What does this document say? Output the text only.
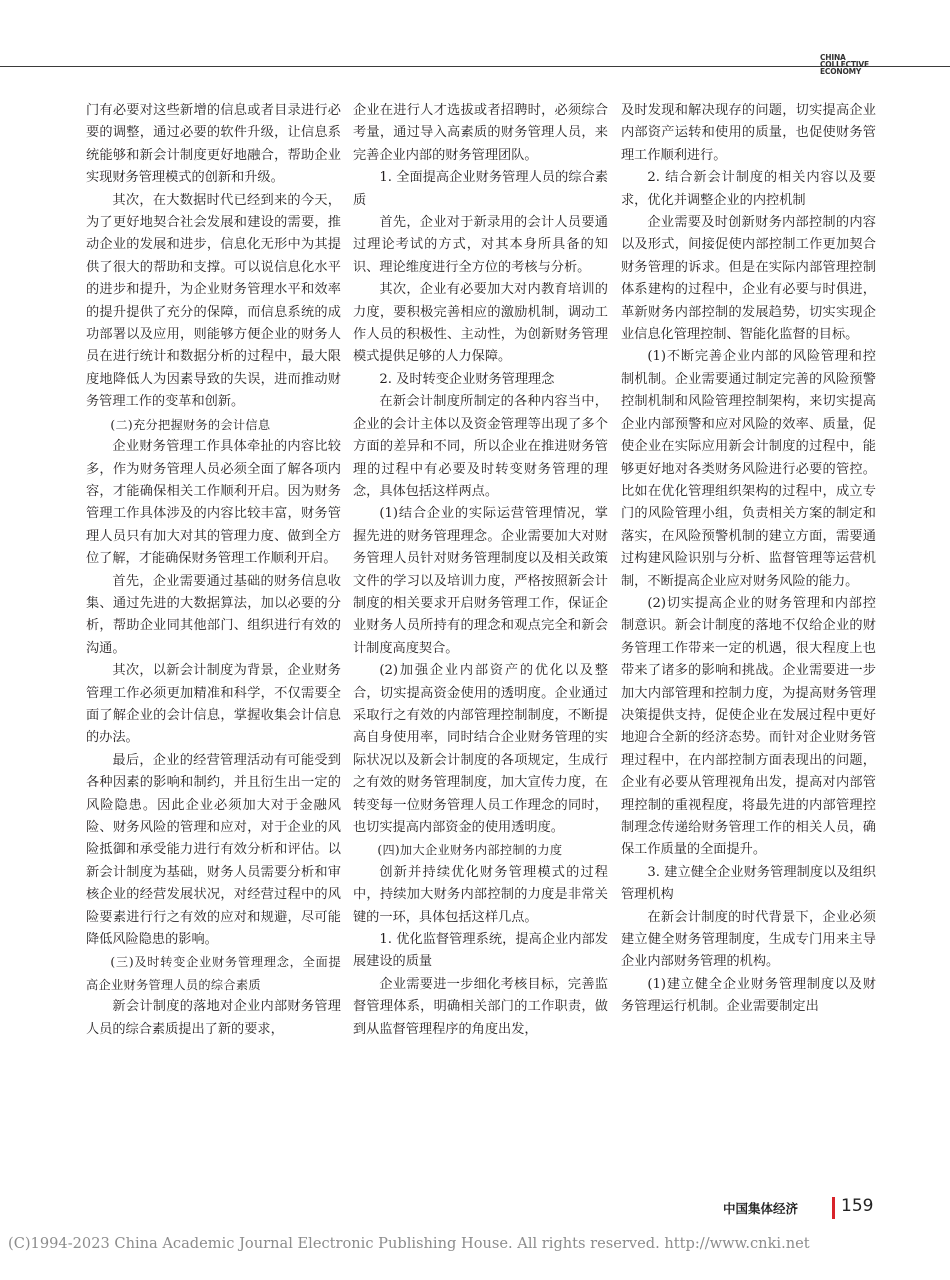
CHINA
COLLECTIVE
ECONOMY

门有必要对这些新增的信息或者目录进行必要的调整，通过必要的软件升级，让信息系统能够和新会计制度更好地融合，帮助企业实现财务管理模式的创新和升级。

其次，在大数据时代已经到来的今天，为了更好地契合社会发展和建设的需要，推动企业的发展和进步，信息化无形中为其提供了很大的帮助和支撑。可以说信息化水平的进步和提升，为企业财务管理水平和效率的提升提供了充分的保障，而信息系统的成功部署以及应用，则能够方便企业的财务人员在进行统计和数据分析的过程中，最大限度地降低人为因素导致的失误，进而推动财务管理工作的变革和创新。

(二)充分把握财务的会计信息

企业财务管理工作具体牵扯的内容比较多，作为财务管理人员必须全面了解各项内容，才能确保相关工作顺利开启。因为财务管理工作具体涉及的内容比较丰富，财务管理人员只有加大对其的管理力度、做到全方位了解，才能确保财务管理工作顺利开启。

首先，企业需要通过基础的财务信息收集、通过先进的大数据算法，加以必要的分析，帮助企业同其他部门、组织进行有效的沟通。

其次，以新会计制度为背景，企业财务管理工作必须更加精准和科学，不仅需要全面了解企业的会计信息，掌握收集会计信息的办法。

最后，企业的经营管理活动有可能受到各种因素的影响和制约，并且衍生出一定的风险隐患。因此企业必须加大对于金融风险、财务风险的管理和应对，对于企业的风险抵御和承受能力进行有效分析和评估。以新会计制度为基础，财务人员需要分析和审核企业的经营发展状况，对经营过程中的风险要素进行行之有效的应对和规避，尽可能降低风险隐患的影响。

(三)及时转变企业财务管理理念，全面提高企业财务管理人员的综合素质

新会计制度的落地对企业内部财务管理人员的综合素质提出了新的要求，

企业在进行人才选拔或者招聘时，必须综合考量，通过导入高素质的财务管理人员，来完善企业内部的财务管理团队。

1. 全面提高企业财务管理人员的综合素质

首先，企业对于新录用的会计人员要通过理论考试的方式，对其本身所具备的知识、理论维度进行全方位的考核与分析。

其次，企业有必要加大对内教育培训的力度，要积极完善相应的激励机制，调动工作人员的积极性、主动性，为创新财务管理模式提供足够的人力保障。

2. 及时转变企业财务管理理念

在新会计制度所制定的各种内容当中，企业的会计主体以及资金管理等出现了多个方面的差异和不同，所以企业在推进财务管理的过程中有必要及时转变财务管理的理念，具体包括这样两点。

(1)结合企业的实际运营管理情况，掌握先进的财务管理理念。企业需要加大对财务管理人员针对财务管理制度以及相关政策文件的学习以及培训力度，严格按照新会计制度的相关要求开启财务管理工作，保证企业财务人员所持有的理念和观点完全和新会计制度高度契合。

(2)加强企业内部资产的优化以及整合，切实提高资金使用的透明度。企业通过采取行之有效的内部管理控制制度，不断提高自身使用率，同时结合企业财务管理的实际状况以及新会计制度的各项规定，生成行之有效的财务管理制度，加大宣传力度，在转变每一位财务管理人员工作理念的同时，也切实提高内部资金的使用透明度。

(四)加大企业财务内部控制的力度

创新并持续优化财务管理模式的过程中，持续加大财务内部控制的力度是非常关键的一环，具体包括这样几点。

1. 优化监督管理系统，提高企业内部发展建设的质量

企业需要进一步细化考核目标，完善监督管理体系，明确相关部门的工作职责，做到从监督管理程序的角度出发，

及时发现和解决现存的问题，切实提高企业内部资产运转和使用的质量，也促使财务管理工作顺利进行。

2. 结合新会计制度的相关内容以及要求，优化并调整企业的内控机制

企业需要及时创新财务内部控制的内容以及形式，间接促使内部控制工作更加契合财务管理的诉求。但是在实际内部管理控制体系建构的过程中，企业有必要与时俱进，革新财务内部控制的发展趋势，切实实现企业信息化管理控制、智能化监督的目标。

(1)不断完善企业内部的风险管理和控制机制。企业需要通过制定完善的风险预警控制机制和风险管理控制架构，来切实提高企业内部预警和应对风险的效率、质量，促使企业在实际应用新会计制度的过程中，能够更好地对各类财务风险进行必要的管控。比如在优化管理组织架构的过程中，成立专门的风险管理小组，负责相关方案的制定和落实，在风险预警机制的建立方面，需要通过构建风险识别与分析、监督管理等运营机制，不断提高企业应对财务风险的能力。

(2)切实提高企业的财务管理和内部控制意识。新会计制度的落地不仅给企业的财务管理工作带来一定的机遇，很大程度上也带来了诸多的影响和挑战。企业需要进一步加大内部管理和控制力度，为提高财务管理决策提供支持，促使企业在发展过程中更好地迎合全新的经济态势。而针对企业财务管理过程中，在内部控制方面表现出的问题，企业有必要从管理视角出发，提高对内部管理控制的重视程度，将最先进的内部管理控制理念传递给财务管理工作的相关人员，确保工作质量的全面提升。

3. 建立健全企业财务管理制度以及组织管理机构

在新会计制度的时代背景下，企业必须建立健全财务管理制度，生成专门用来主导企业内部财务管理的机构。

(1)建立健全企业财务管理制度以及财务管理运行机制。企业需要制定出

中国集体经济	159
(C)1994-2023 China Academic Journal Electronic Publishing House. All rights reserved. http://www.cnki.net
